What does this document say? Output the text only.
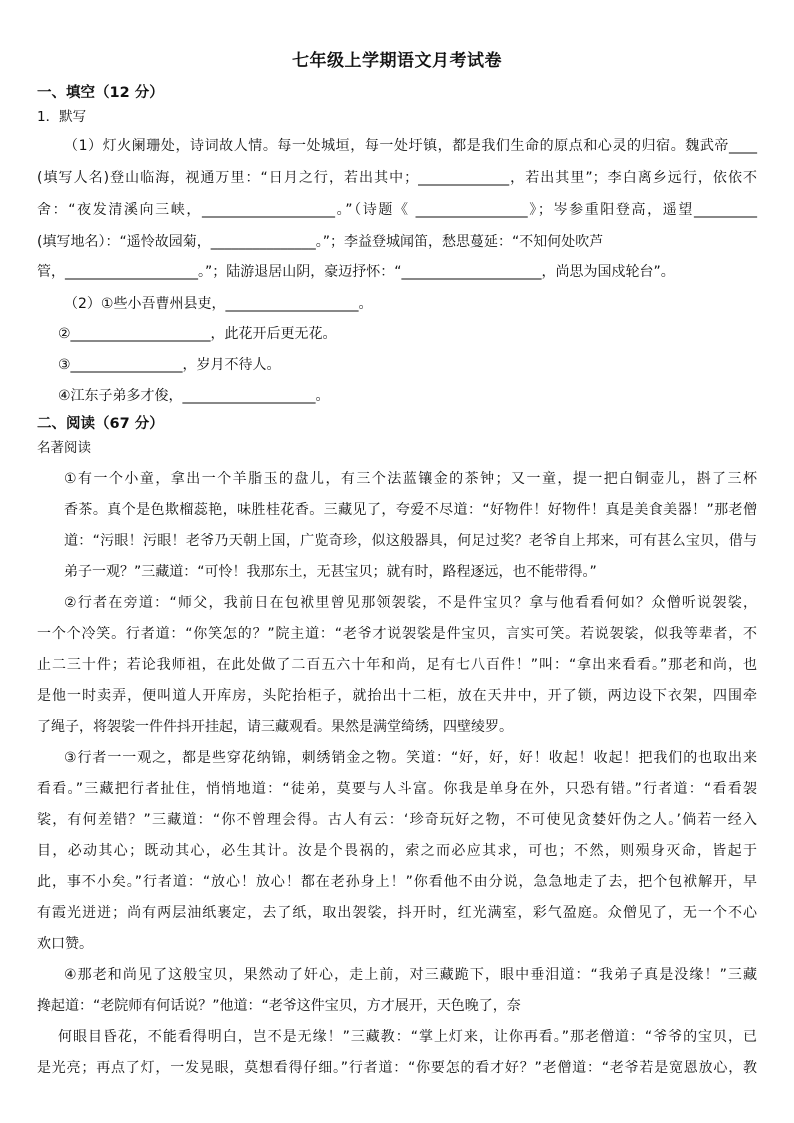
七年级上学期语文月考试卷
一、填空（12 分）
1．默写
（1）灯火阑珊处，诗词故人情。每一处城垣，每一处圩镇，都是我们生命的原点和心灵的归宿。魏武帝____
(填写人名)登山临海，视通万里：“日月之行，若出其中；_____________，若出其里”；李白离乡远行，依依不
舍：“夜发清溪向三峡，___________________。”（诗题《 ________________》；岑参重阳登高，遥望_________
(填写地名）：“遥怜故园菊，_______________。”；李益登城闻笛，愁思蔓延：“不知何处吹芦
管，___________________。”；陆游退居山阴，豪迈抒怀：“____________________，尚思为国戍轮台”。
（2）①些小吾曹州县吏，___________________。
②____________________，此花开后更无花。
③________________，岁月不待人。
④江东子弟多才俊，___________________。
二、阅读（67 分）
名著阅读
①有一个小童，拿出一个羊脂玉的盘儿，有三个法蓝镶金的茶钟；又一童，提一把白铜壶儿，斟了三杯
香茶。真个是色欺榴蕊艳，味胜桂花香。三藏见了，夸爱不尽道：“好物件！好物件！真是美食美器！”那老僧
道：“污眼！污眼！老爷乃天朝上国，广览奇珍，似这般器具，何足过奖？老爷自上邦来，可有甚么宝贝，借与
弟子一观？”三藏道：“可怜！我那东土，无甚宝贝；就有时，路程逐远，也不能带得。”
②行者在旁道：“师父，我前日在包袱里曾见那领袈裟，不是件宝贝？拿与他看看何如？众僧听说袈裟，
一个个冷笑。行者道：“你笑怎的？”院主道：“老爷才说袈裟是件宝贝，言实可笑。若说袈裟，似我等辈者，不
止二三十件；若论我师祖，在此处做了二百五六十年和尚，足有七八百件！”叫：“拿出来看看。”那老和尚，也
是他一时卖弄，便叫道人开库房，头陀抬柜子，就抬出十二柜，放在天井中，开了锁，两边设下衣架，四围牵
了绳子，将袈裟一件件抖开挂起，请三藏观看。果然是满堂绮绣，四壁绫罗。
③行者一一观之，都是些穿花纳锦，刺绣销金之物。笑道：“好，好，好！收起！收起！把我们的也取出来
看看。”三藏把行者扯住，悄悄地道：“徒弟，莫要与人斗富。你我是单身在外，只恐有错。”行者道：“看看袈
裟，有何差错？”三藏道：“你不曾理会得。古人有云：‘珍奇玩好之物，不可使见贪婪奸伪之人。’倘若一经入
目，必动其心；既动其心，必生其计。汝是个畏祸的，索之而必应其求，可也；不然，则殒身灭命，皆起于
此，事不小矣。”行者道：“放心！放心！都在老孙身上！”你看他不由分说，急急地走了去，把个包袱解开，早
有霞光迸迸；尚有两层油纸裹定，去了纸，取出袈裟，抖开时，红光满室，彩气盈庭。众僧见了，无一个不心
欢口赞。
④那老和尚见了这般宝贝，果然动了奸心，走上前，对三藏跪下，眼中垂泪道：“我弟子真是没缘！”三藏
搀起道：“老院师有何话说？”他道：“老爷这件宝贝，方才展开，天色晚了，奈
何眼目昏花，不能看得明白，岂不是无缘！”三藏教：“掌上灯来，让你再看。”那老僧道：“爷爷的宝贝，已
是光亮；再点了灯，一发晃眼，莫想看得仔细。”行者道：“你要怎的看才好？”老僧道：“老爷若是宽恩放心，教
